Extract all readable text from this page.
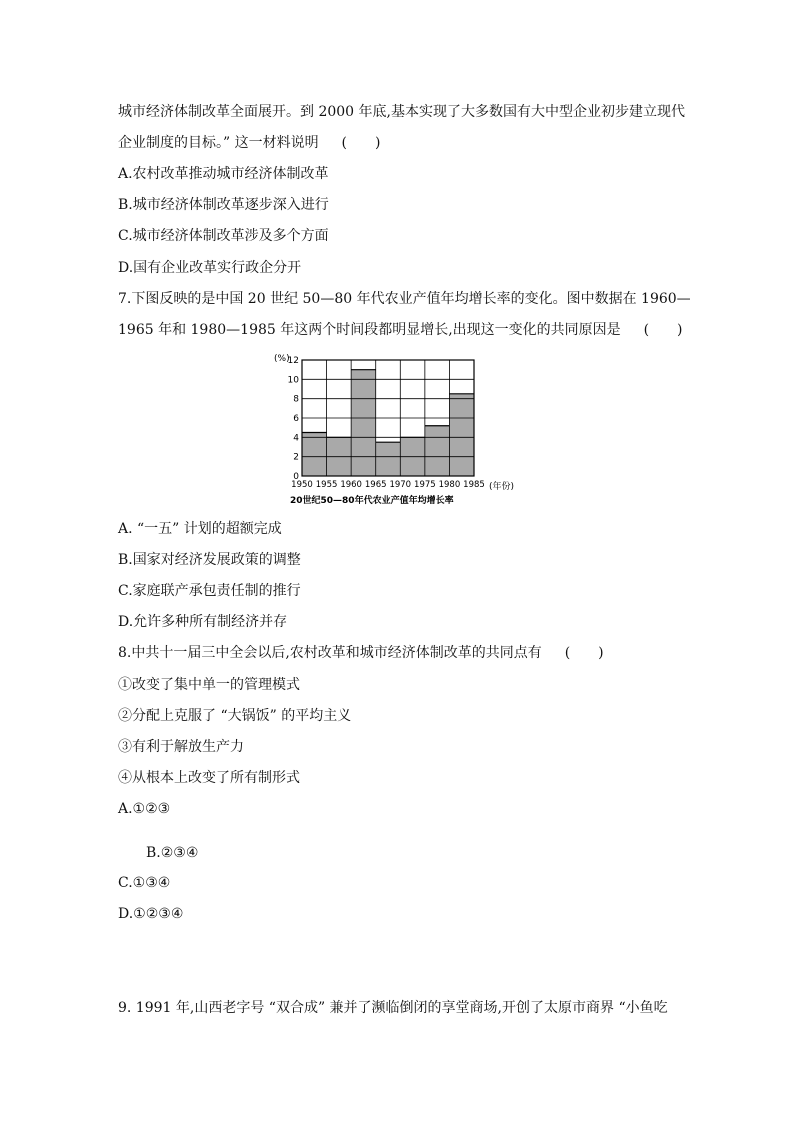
城市经济体制改革全面展开。到 2000 年底,基本实现了大多数国有大中型企业初步建立现代
企业制度的目标。” 这一材料说明 　 (　　)
A.农村改革推动城市经济体制改革
B.城市经济体制改革逐步深入进行
C.城市经济体制改革涉及多个方面
D.国有企业改革实行政企分开
7.下图反映的是中国 20 世纪 50—80 年代农业产值年均增长率的变化。图中数据在 1960—
1965 年和 1980—1985 年这两个时间段都明显增长,出现这一变化的共同原因是 　 (　　)
(%)
0
2
4
6
8
10
12
1950 1955 1960 1965 1970 1975 1980 1985 (年份)
20世纪50—80年代农业产值年均增长率
A. “一五” 计划的超额完成
B.国家对经济发展政策的调整
C.家庭联产承包责任制的推行
D.允许多种所有制经济并存
8.中共十一届三中全会以后,农村改革和城市经济体制改革的共同点有 　 (　　)
①改变了集中单一的管理模式
②分配上克服了 “大锅饭” 的平均主义
③有利于解放生产力
④从根本上改变了所有制形式
A.①②③
B.②③④
C.①③④
D.①②③④
9. 1991 年,山西老字号 “双合成” 兼并了濒临倒闭的享堂商场,开创了太原市商界 “小鱼吃
